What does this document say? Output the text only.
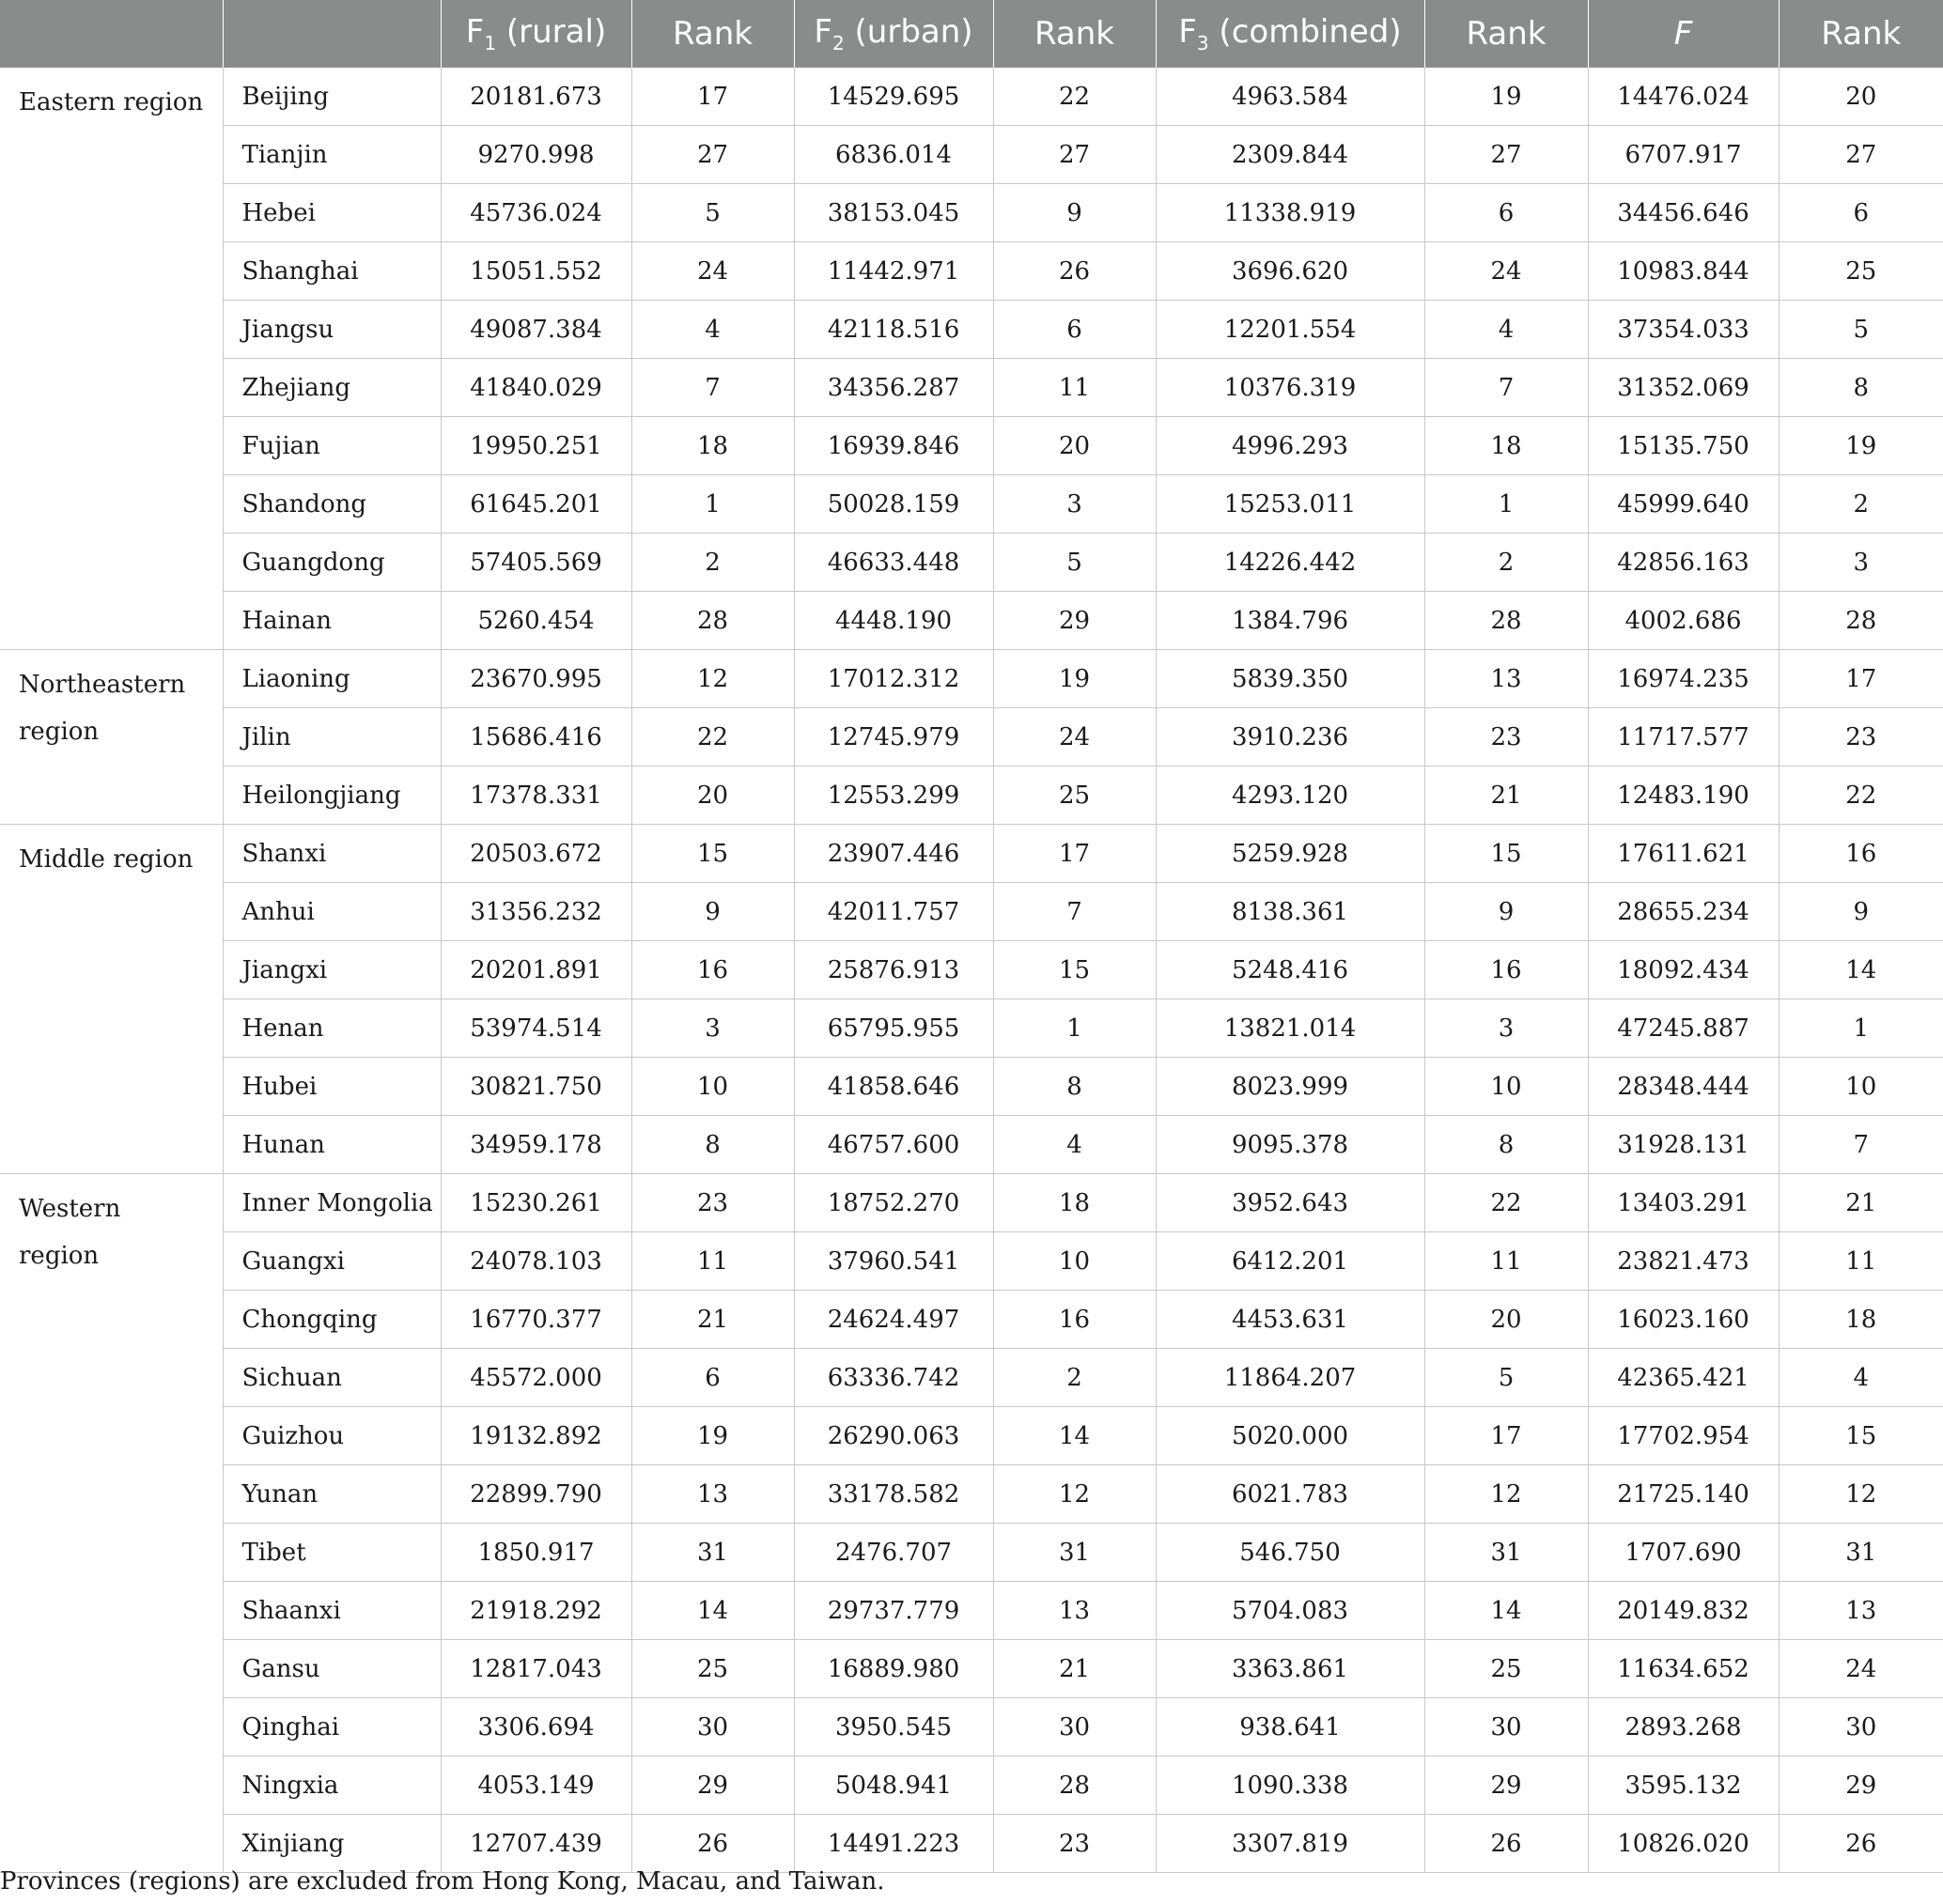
		$F_1$ (rural)	Rank	$F_2$ (urban)	Rank	$F_3$ (combined)	Rank	F	Rank
Eastern region	Beijing	20181.673	17	14529.695	22	4963.584	19	14476.024	20
	Tianjin	9270.998	27	6836.014	27	2309.844	27	6707.917	27
	Hebei	45736.024	5	38153.045	9	11338.919	6	34456.646	6
	Shanghai	15051.552	24	11442.971	26	3696.620	24	10983.844	25
	Jiangsu	49087.384	4	42118.516	6	12201.554	4	37354.033	5
	Zhejiang	41840.029	7	34356.287	11	10376.319	7	31352.069	8
	Fujian	19950.251	18	16939.846	20	4996.293	18	15135.750	19
	Shandong	61645.201	1	50028.159	3	15253.011	1	45999.640	2
	Guangdong	57405.569	2	46633.448	5	14226.442	2	42856.163	3
	Hainan	5260.454	28	4448.190	29	1384.796	28	4002.686	28
Northeastern region	Liaoning	23670.995	12	17012.312	19	5839.350	13	16974.235	17
	Jilin	15686.416	22	12745.979	24	3910.236	23	11717.577	23
	Heilongjiang	17378.331	20	12553.299	25	4293.120	21	12483.190	22
Middle region	Shanxi	20503.672	15	23907.446	17	5259.928	15	17611.621	16
	Anhui	31356.232	9	42011.757	7	8138.361	9	28655.234	9
	Jiangxi	20201.891	16	25876.913	15	5248.416	16	18092.434	14
	Henan	53974.514	3	65795.955	1	13821.014	3	47245.887	1
	Hubei	30821.750	10	41858.646	8	8023.999	10	28348.444	10
	Hunan	34959.178	8	46757.600	4	9095.378	8	31928.131	7
Western region	Inner Mongolia	15230.261	23	18752.270	18	3952.643	22	13403.291	21
	Guangxi	24078.103	11	37960.541	10	6412.201	11	23821.473	11
	Chongqing	16770.377	21	24624.497	16	4453.631	20	16023.160	18
	Sichuan	45572.000	6	63336.742	2	11864.207	5	42365.421	4
	Guizhou	19132.892	19	26290.063	14	5020.000	17	17702.954	15
	Yunan	22899.790	13	33178.582	12	6021.783	12	21725.140	12
	Tibet	1850.917	31	2476.707	31	546.750	31	1707.690	31
	Shaanxi	21918.292	14	29737.779	13	5704.083	14	20149.832	13
	Gansu	12817.043	25	16889.980	21	3363.861	25	11634.652	24
	Qinghai	3306.694	30	3950.545	30	938.641	30	2893.268	30
	Ningxia	4053.149	29	5048.941	28	1090.338	29	3595.132	29
	Xinjiang	12707.439	26	14491.223	23	3307.819	26	10826.020	26
Provinces (regions) are excluded from Hong Kong, Macau, and Taiwan.
